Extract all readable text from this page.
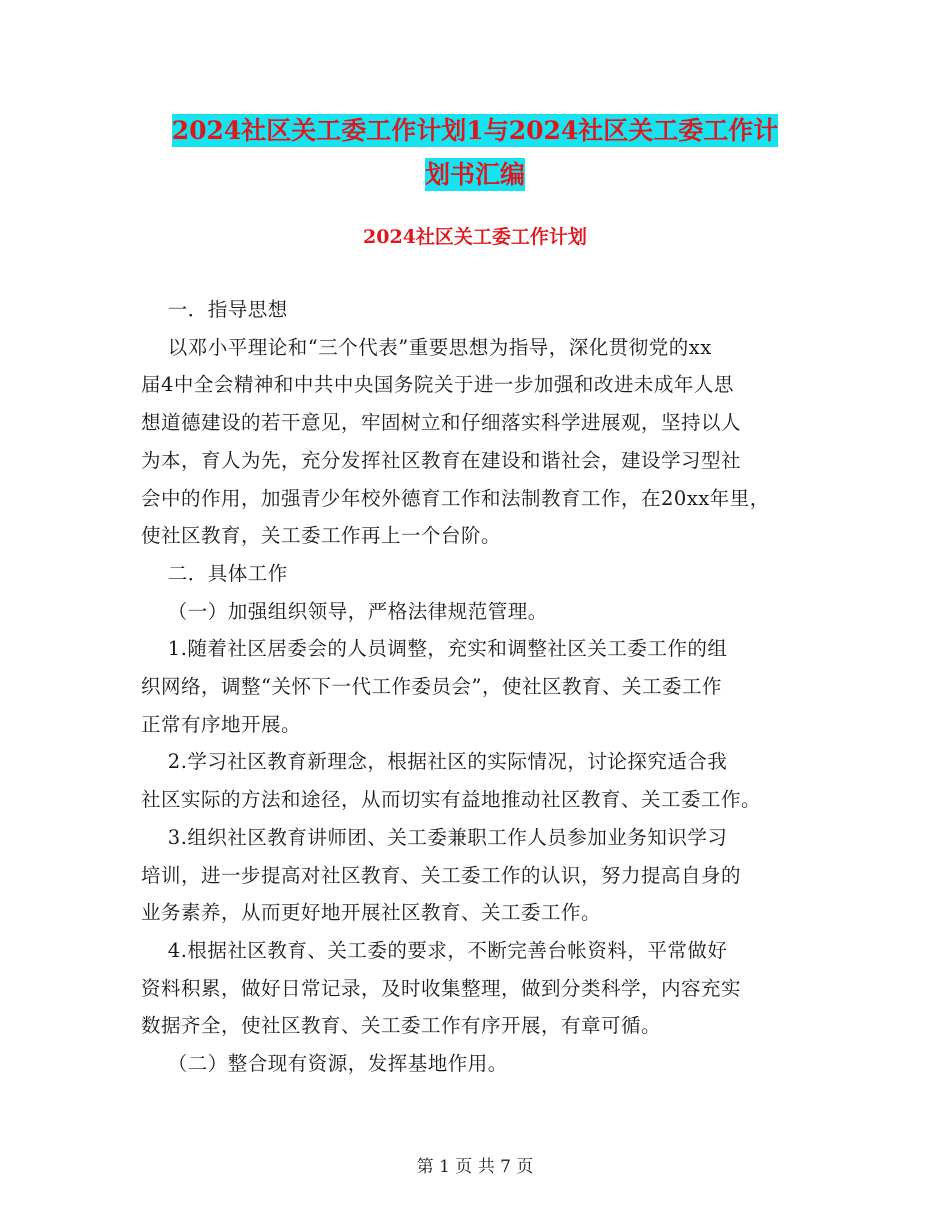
2024社区关工委工作计划1与2024社区关工委工作计
划书汇编
2024社区关工委工作计划

一．指导思想

以邓小平理论和“三个代表”重要思想为指导，深化贯彻党的xx

届4中全会精神和中共中央国务院关于进一步加强和改进未成年人思

想道德建设的若干意见，牢固树立和仔细落实科学进展观，坚持以人

为本，育人为先，充分发挥社区教育在建设和谐社会，建设学习型社

会中的作用，加强青少年校外德育工作和法制教育工作，在20xx年里，

使社区教育，关工委工作再上一个台阶。

二．具体工作

（一）加强组织领导，严格法律规范管理。

1.随着社区居委会的人员调整，充实和调整社区关工委工作的组

织网络，调整“关怀下一代工作委员会”，使社区教育、关工委工作

正常有序地开展。

2.学习社区教育新理念，根据社区的实际情况，讨论探究适合我

社区实际的方法和途径，从而切实有益地推动社区教育、关工委工作。

3.组织社区教育讲师团、关工委兼职工作人员参加业务知识学习

培训，进一步提高对社区教育、关工委工作的认识，努力提高自身的

业务素养，从而更好地开展社区教育、关工委工作。

4.根据社区教育、关工委的要求，不断完善台帐资料，平常做好

资料积累，做好日常记录，及时收集整理，做到分类科学，内容充实

数据齐全，使社区教育、关工委工作有序开展，有章可循。

（二）整合现有资源，发挥基地作用。

第 1 页 共 7 页
